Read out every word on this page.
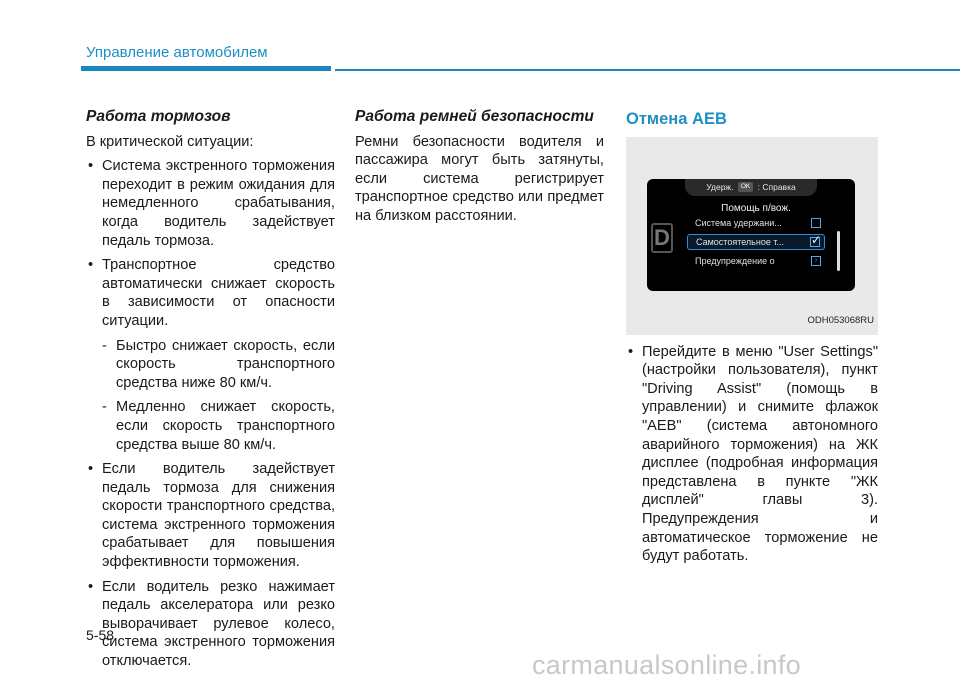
Управление автомобилем
Работа тормозов

В критической ситуации:

• Система экстренного торможения переходит в режим ожидания для немедленного срабатывания, когда водитель задействует педаль тормоза.
• Транспортное средство автоматически снижает скорость в зависимости от опасности ситуации.
- Быстро снижает скорость, если скорость транспортного средства ниже 80 км/ч.
- Медленно снижает скорость, если скорость транспортного средства выше 80 км/ч.
• Если водитель задействует педаль тормоза для снижения скорости транспортного средства, система экстренного торможения срабатывает для повышения эффективности торможения.
• Если водитель резко нажимает педаль акселератора или резко выворачивает рулевое колесо, система экстренного торможения отключается.
Работа ремней безопасности

Ремни безопасности водителя и пассажира могут быть затянуты, если система регистрирует транспортное средство или предмет на близком расстоянии.

Отмена AEB
Удерж. OK : Справка
D
Помощь п/вож.
Система удержани...
Самостоятельное т... ✓
Предупреждение о	›
ODH053068RU
• Перейдите в меню "User Settings" (настройки пользователя), пункт "Driving Assist" (помощь в управлении) и снимите флажок "AEB" (система автономного аварийного торможения) на ЖК дисплее (подробная информация представлена в пункте "ЖК дисплей" главы 3). Предупреждения и автоматическое торможение не будут работать.
5-58
carmanualsonline.info
